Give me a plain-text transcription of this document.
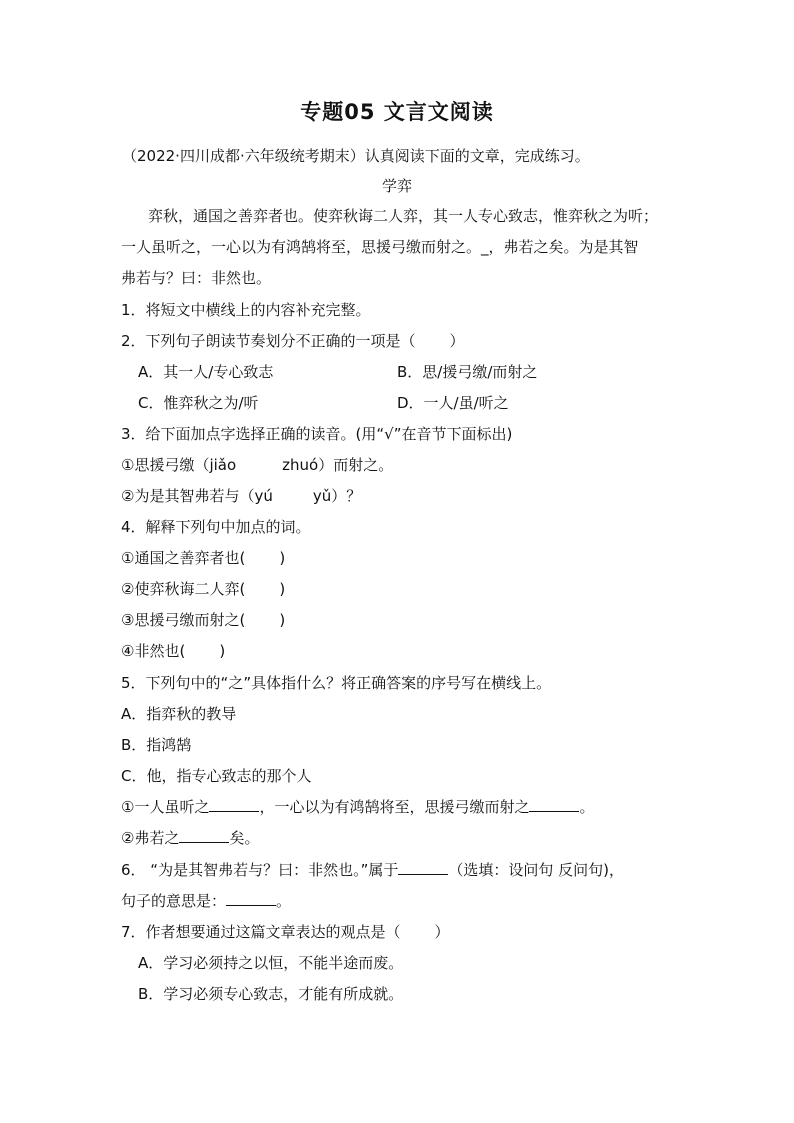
专题05 文言文阅读
（2022·四川成都·六年级统考期末）认真阅读下面的文章，完成练习。
学弈
弈秋，通国之善弈者也。使弈秋诲二人弈，其一人专心致志，惟弈秋之为听；
一人虽听之，一心以为有鸿鹄将至，思援弓缴而射之。_，弗若之矣。为是其智
弗若与？曰：非然也。
1．将短文中横线上的内容补充完整。
2．下列句子朗读节奏划分不正确的一项是（ ）
A．其一人/专心致志	B．思/援弓缴/而射之
C．惟弈秋之为/听	D．一人/虽/听之
3．给下面加点字选择正确的读音。(用“√”在音节下面标出)
①思援弓缴（jiǎo	zhuó）而射之。
②为是其智弗若与（yú	yǔ）？
4．解释下列句中加点的词。
①通国之善弈者也( )
②使弈秋诲二人弈( )
③思援弓缴而射之( )
④非然也( )
5．下列句中的“之”具体指什么？将正确答案的序号写在横线上。
A．指弈秋的教导
B．指鸿鹄
C．他，指专心致志的那个人
①一人虽听之	，一心以为有鸿鹄将至，思援弓缴而射之	。
②弗若之	矣。
6． “为是其智弗若与？曰：非然也。”属于	（选填：设问句 反问句)，
句子的意思是：	。
7．作者想要通过这篇文章表达的观点是（ ）
A．学习必须持之以恒，不能半途而废。
B．学习必须专心致志，才能有所成就。
